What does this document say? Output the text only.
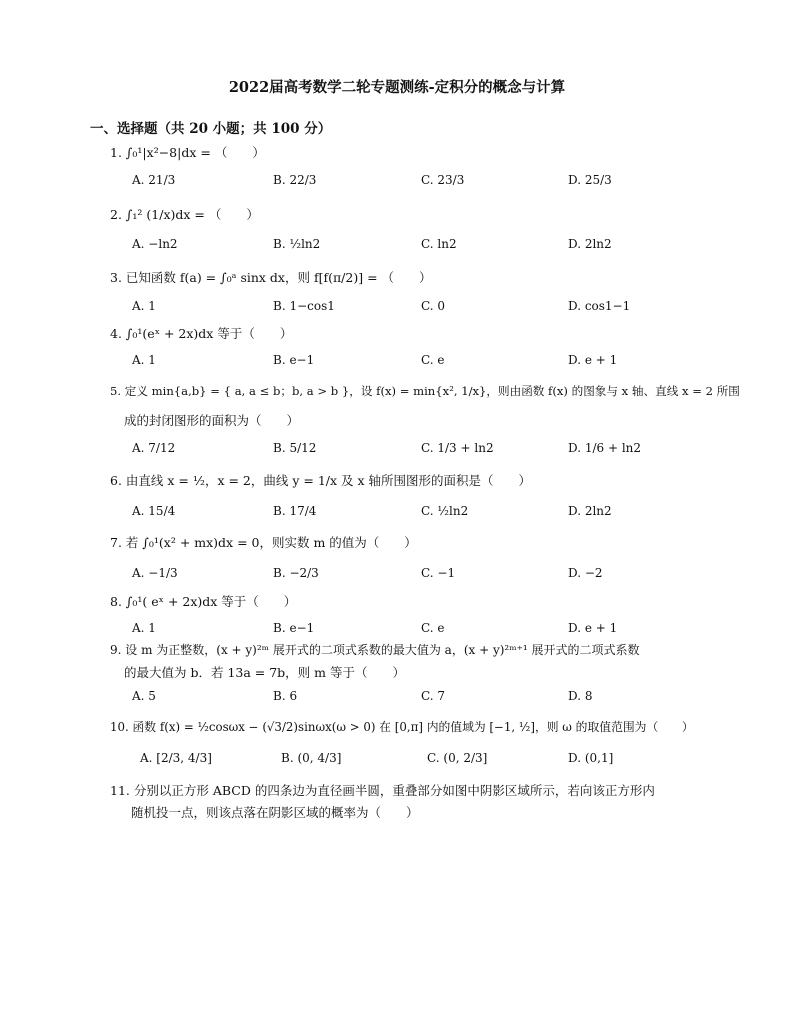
2022届高考数学二轮专题测练-定积分的概念与计算
一、选择题（共 20 小题；共 100 分）
1. ∫₀¹|x²−8|dx = （　　）
A. 21/3	B. 22/3	C. 23/3	D. 25/3
2. ∫₁² (1/x)dx = （　　）
A. −ln2	B. ½ln2	C. ln2	D. 2ln2
3. 已知函数 f(a) = ∫₀ᵃ sinx dx，则 f[f(π/2)] = （　　）
A. 1	B. 1−cos1	C. 0	D. cos1−1
4. ∫₀¹(eˣ + 2x)dx 等于（　　）
A. 1	B. e−1	C. e	D. e + 1
5. 定义 min{a,b} = { a, a ≤ b；b, a > b }，设 f(x) = min{x², 1/x}，则由函数 f(x) 的图象与 x 轴、直线 x = 2 所围
成的封闭图形的面积为（　　）
A. 7/12	B. 5/12	C. 1/3 + ln2	D. 1/6 + ln2
6. 由直线 x = ½，x = 2，曲线 y = 1/x 及 x 轴所围图形的面积是（　　）
A. 15/4	B. 17/4	C. ½ln2	D. 2ln2
7. 若 ∫₀¹(x² + mx)dx = 0，则实数 m 的值为（　　）
A. −1/3	B. −2/3	C. −1	D. −2
8. ∫₀¹( eˣ + 2x)dx 等于（　　）
A. 1	B. e−1	C. e	D. e + 1
9. 设 m 为正整数，(x + y)²ᵐ 展开式的二项式系数的最大值为 a，(x + y)²ᵐ⁺¹ 展开式的二项式系数
的最大值为 b．若 13a = 7b，则 m 等于（　　）
A. 5	B. 6	C. 7	D. 8
10. 函数 f(x) = ½cosωx − (√3/2)sinωx(ω > 0) 在 [0,π] 内的值域为 [−1, ½]，则 ω 的取值范围为（　　）
A. [2/3, 4/3]	B. (0, 4/3]	C. (0, 2/3]	D. (0,1]
11. 分别以正方形 ABCD 的四条边为直径画半圆，重叠部分如图中阴影区域所示，若向该正方形内
随机投一点，则该点落在阴影区域的概率为（　　）
